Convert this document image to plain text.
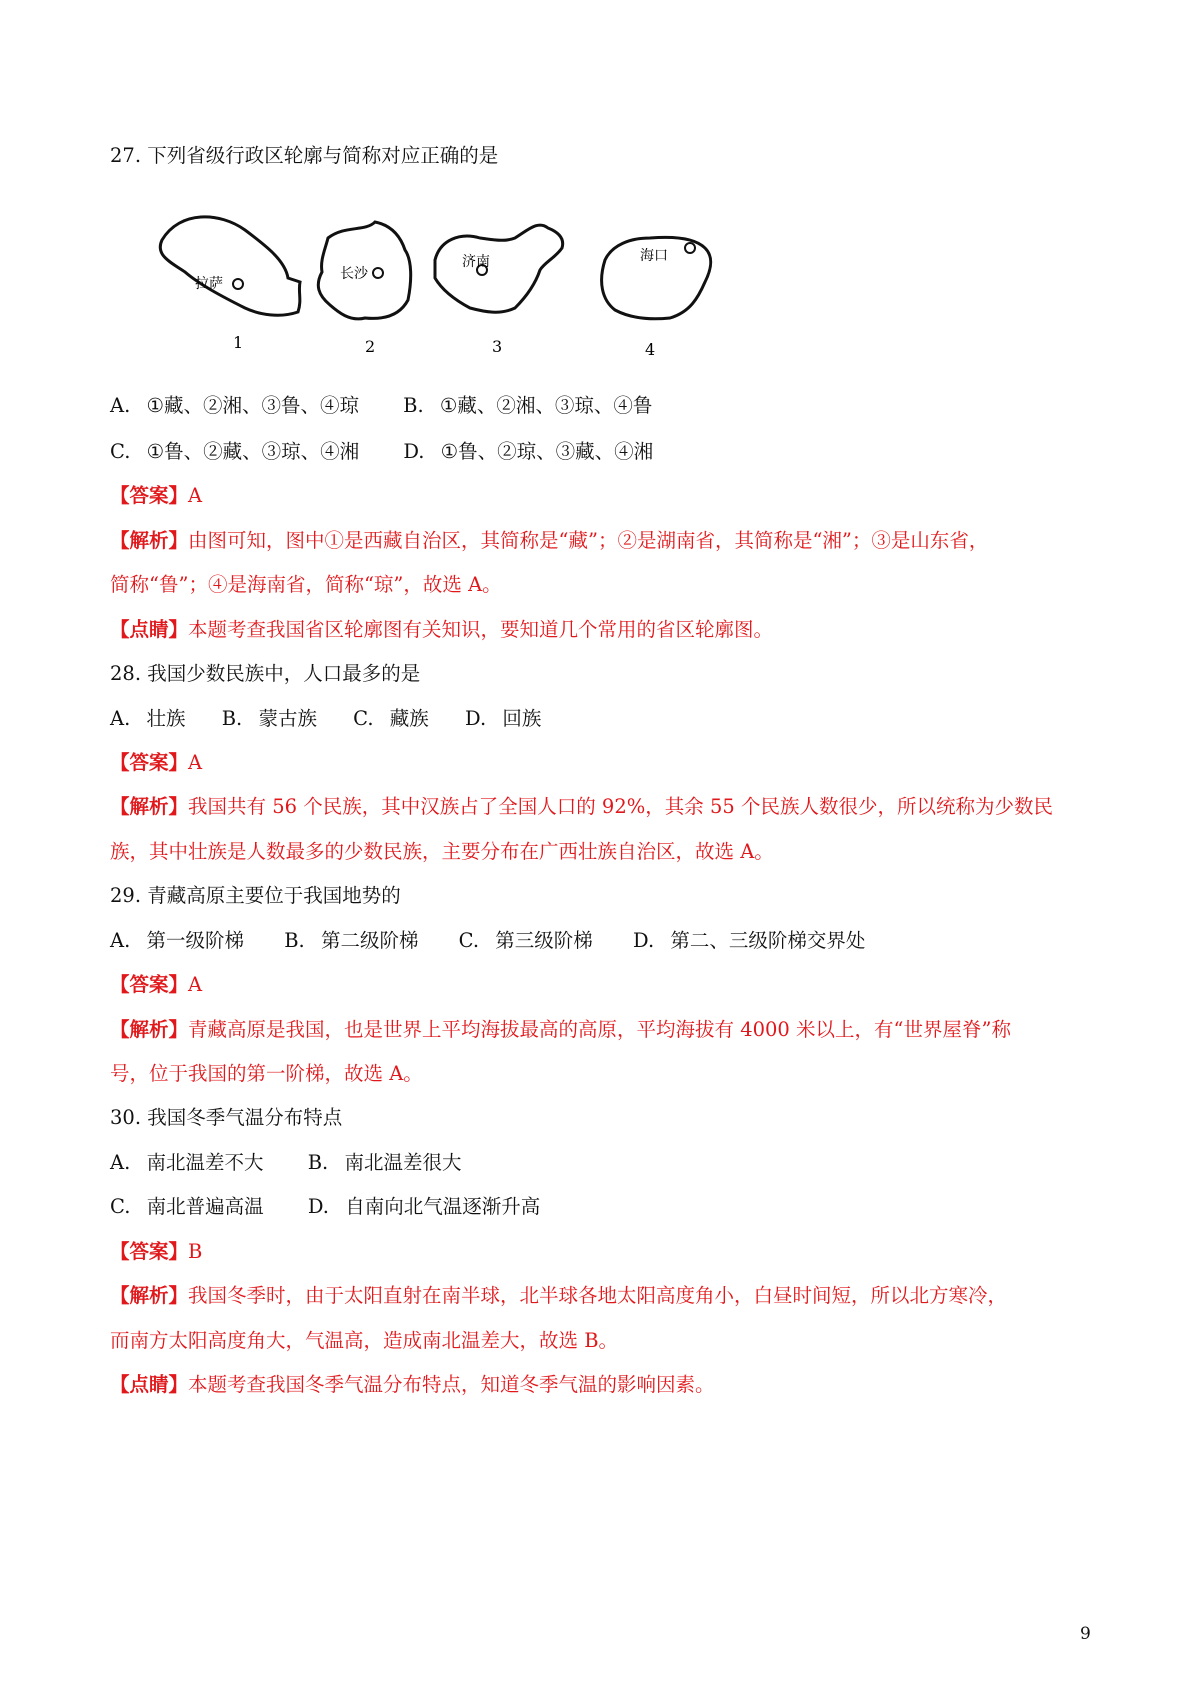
27. 下列省级行政区轮廓与简称对应正确的是
拉萨
1
长沙
2
济南
3
海口
4
A. ①藏、②湘、③鲁、④琼 B. ①藏、②湘、③琼、④鲁
C. ①鲁、②藏、③琼、④湘 D. ①鲁、②琼、③藏、④湘
【答案】A
【解析】由图可知，图中①是西藏自治区，其简称是“藏”；②是湖南省，其简称是“湘”；③是山东省，
简称“鲁”；④是海南省，简称“琼”，故选 A。
【点睛】本题考查我国省区轮廓图有关知识，要知道几个常用的省区轮廓图。
28. 我国少数民族中，人口最多的是
A. 壮族 B. 蒙古族 C. 藏族 D. 回族
【答案】A
【解析】我国共有 56 个民族，其中汉族占了全国人口的 92%，其余 55 个民族人数很少，所以统称为少数民
族，其中壮族是人数最多的少数民族，主要分布在广西壮族自治区，故选 A。
29. 青藏高原主要位于我国地势的
A. 第一级阶梯 B. 第二级阶梯 C. 第三级阶梯 D. 第二、三级阶梯交界处
【答案】A
【解析】青藏高原是我国，也是世界上平均海拔最高的高原，平均海拔有 4000 米以上，有“世界屋脊”称
号，位于我国的第一阶梯，故选 A。
30. 我国冬季气温分布特点
A. 南北温差不大 B. 南北温差很大
C. 南北普遍高温 D. 自南向北气温逐渐升高
【答案】B
【解析】我国冬季时，由于太阳直射在南半球，北半球各地太阳高度角小，白昼时间短，所以北方寒冷，
而南方太阳高度角大，气温高，造成南北温差大，故选 B。
【点睛】本题考查我国冬季气温分布特点，知道冬季气温的影响因素。
9
